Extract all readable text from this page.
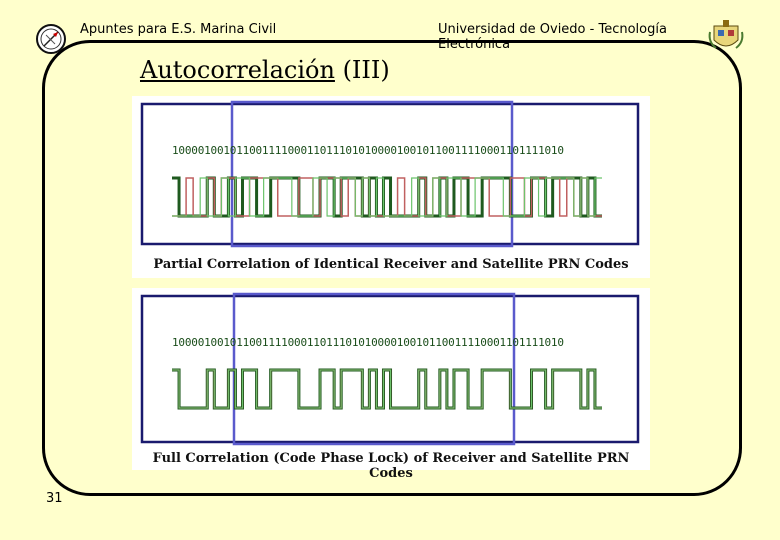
Apuntes para E.S. Marina Civil	Universidad de Oviedo - Tecnología Electrónica
Autocorrelación (III)
1000010010110011110001101110101000010010110011110001101111010
Partial Correlation of Identical Receiver and Satellite PRN Codes
1000010010110011110001101110101000010010110011110001101111010
Full Correlation (Code Phase Lock) of Receiver and Satellite PRN Codes
31
